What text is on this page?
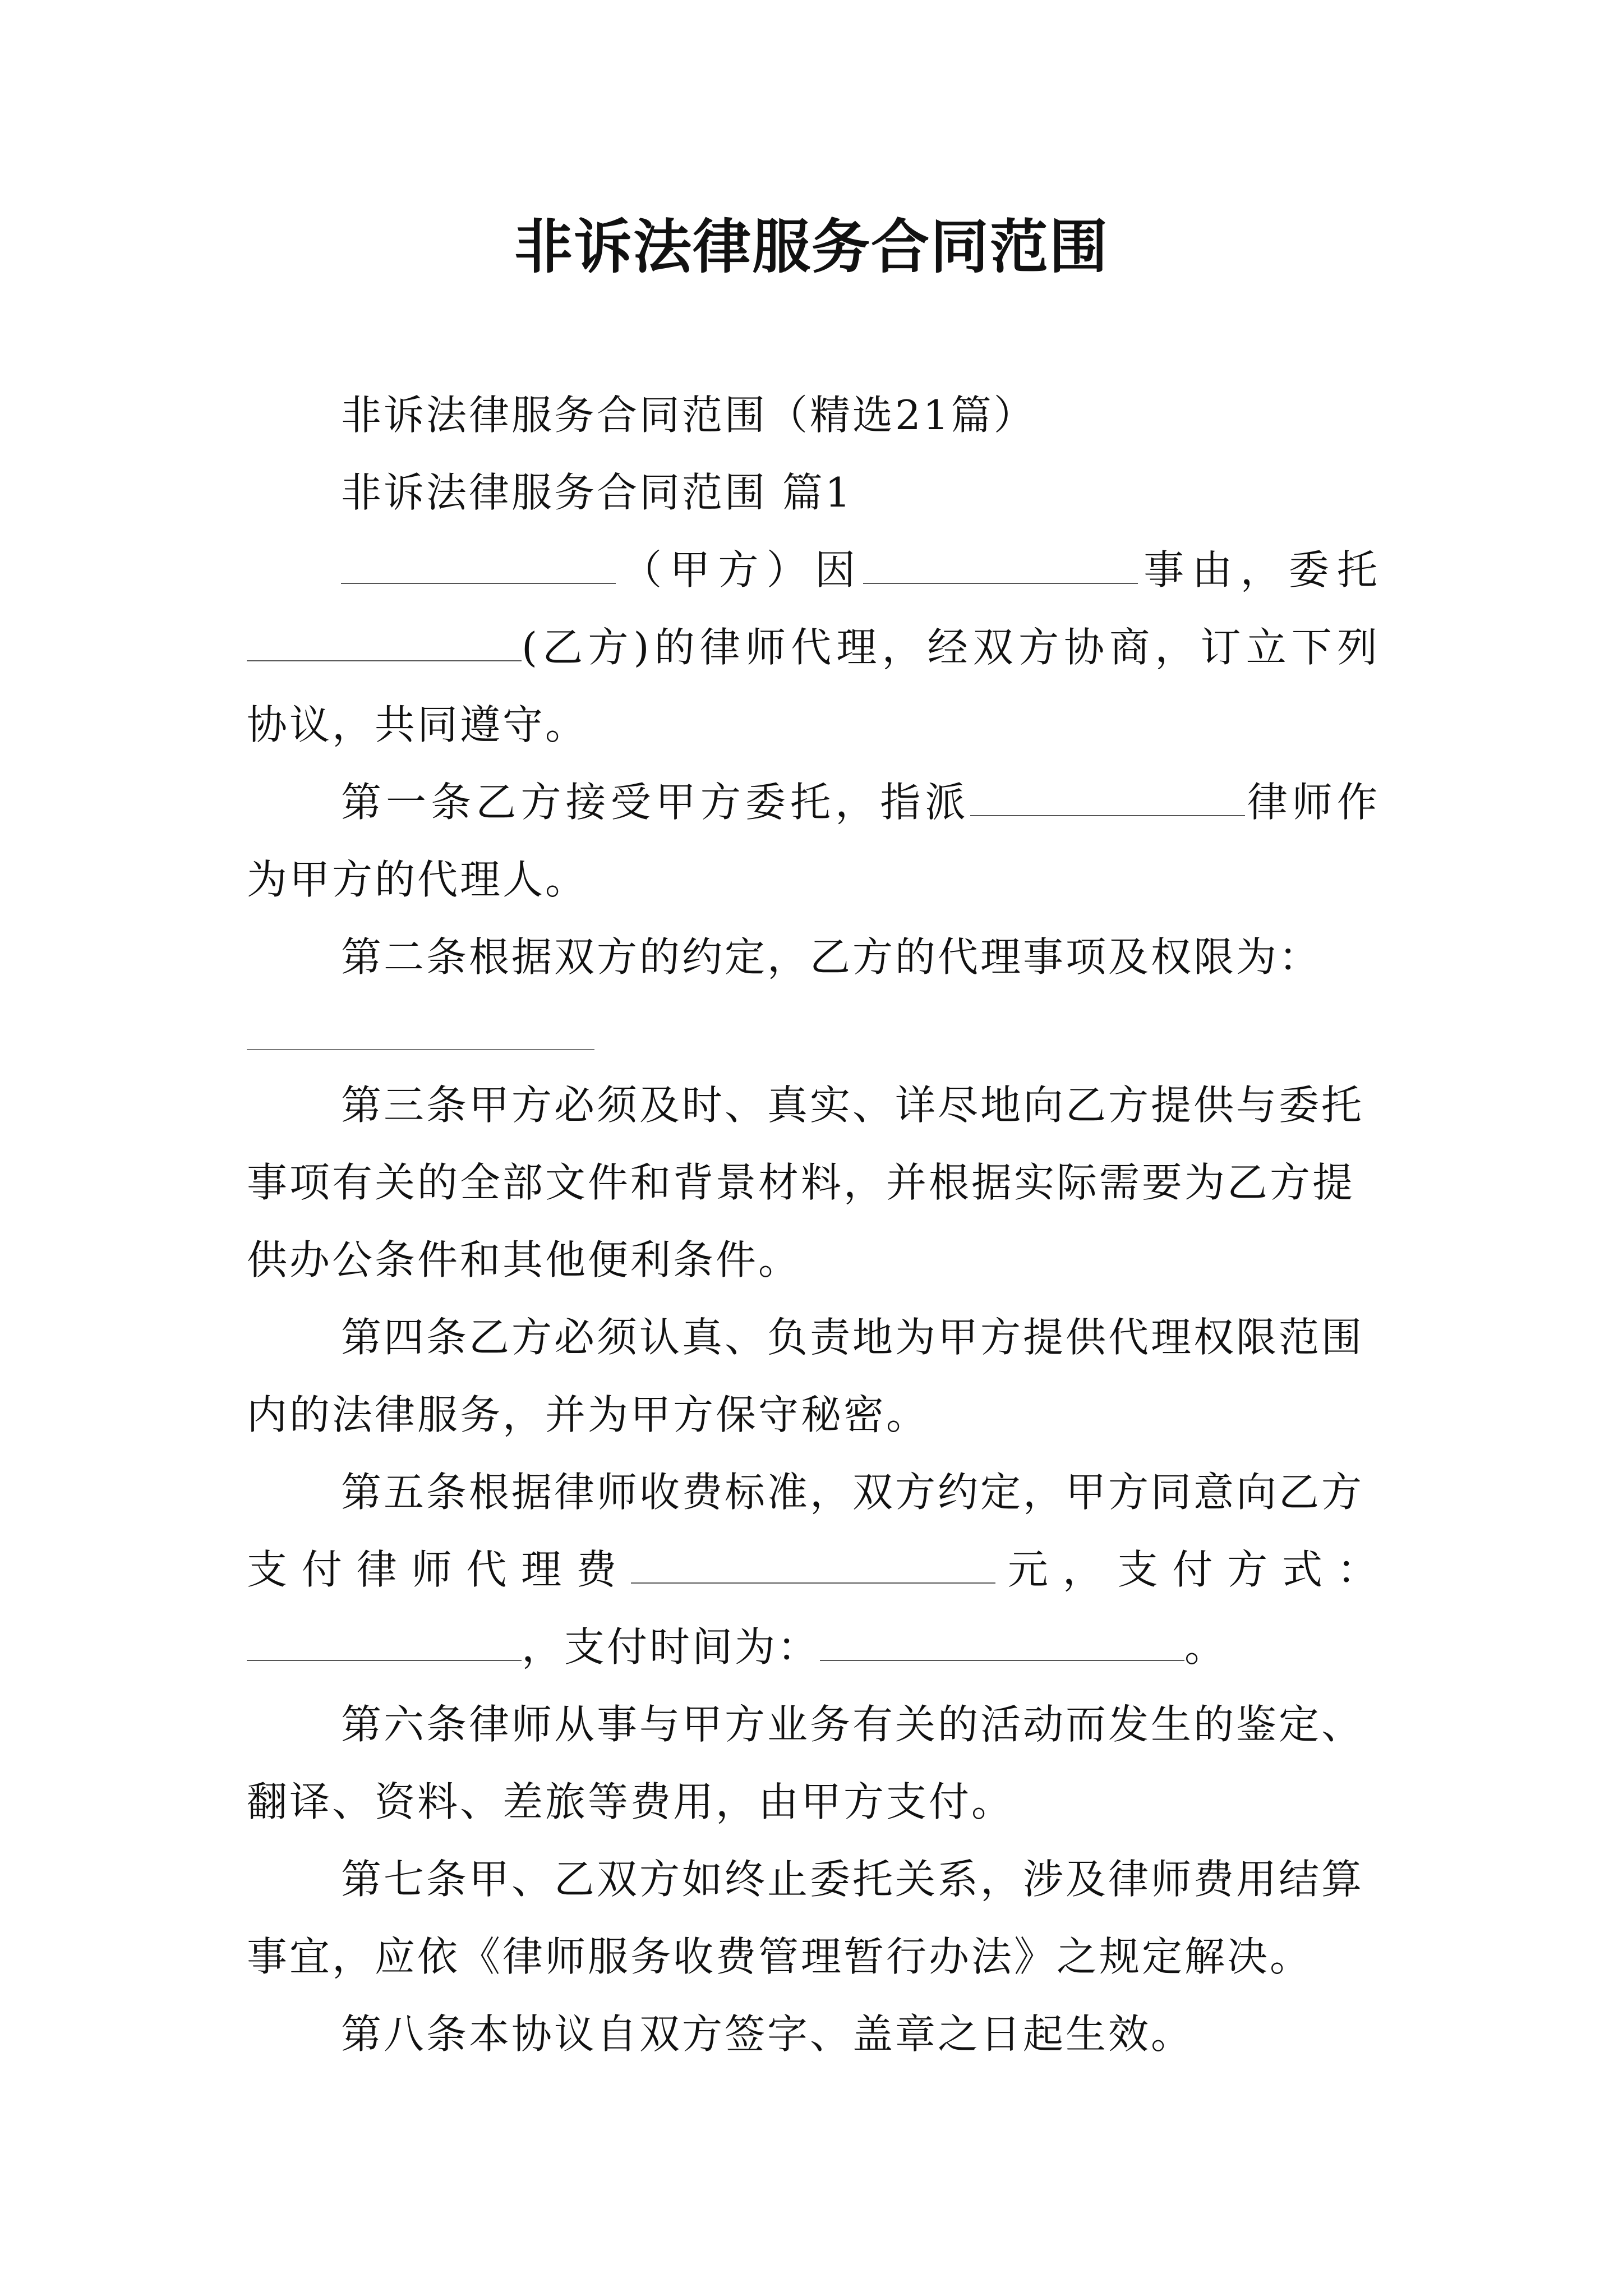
非诉法律服务合同范围
非诉法律服务合同范围（精选21篇）
非诉法律服务合同范围 篇1
（甲方）因	事由，委托
(乙方)的律师代理，经双方协商，订立下列
协议，共同遵守。
第一条乙方接受甲方委托，指派	律师作
为甲方的代理人。
第二条根据双方的约定，乙方的代理事项及权限为：
第三条甲方必须及时、真实、详尽地向乙方提供与委托
事项有关的全部文件和背景材料，并根据实际需要为乙方提
供办公条件和其他便利条件。
第四条乙方必须认真、负责地为甲方提供代理权限范围
内的法律服务，并为甲方保守秘密。
第五条根据律师收费标准，双方约定，甲方同意向乙方
支付律师代理费	元，支付方式：
，支付时间为：	。
第六条律师从事与甲方业务有关的活动而发生的鉴定、
翻译、资料、差旅等费用，由甲方支付。
第七条甲、乙双方如终止委托关系，涉及律师费用结算
事宜，应依《律师服务收费管理暂行办法》之规定解决。
第八条本协议自双方签字、盖章之日起生效。
